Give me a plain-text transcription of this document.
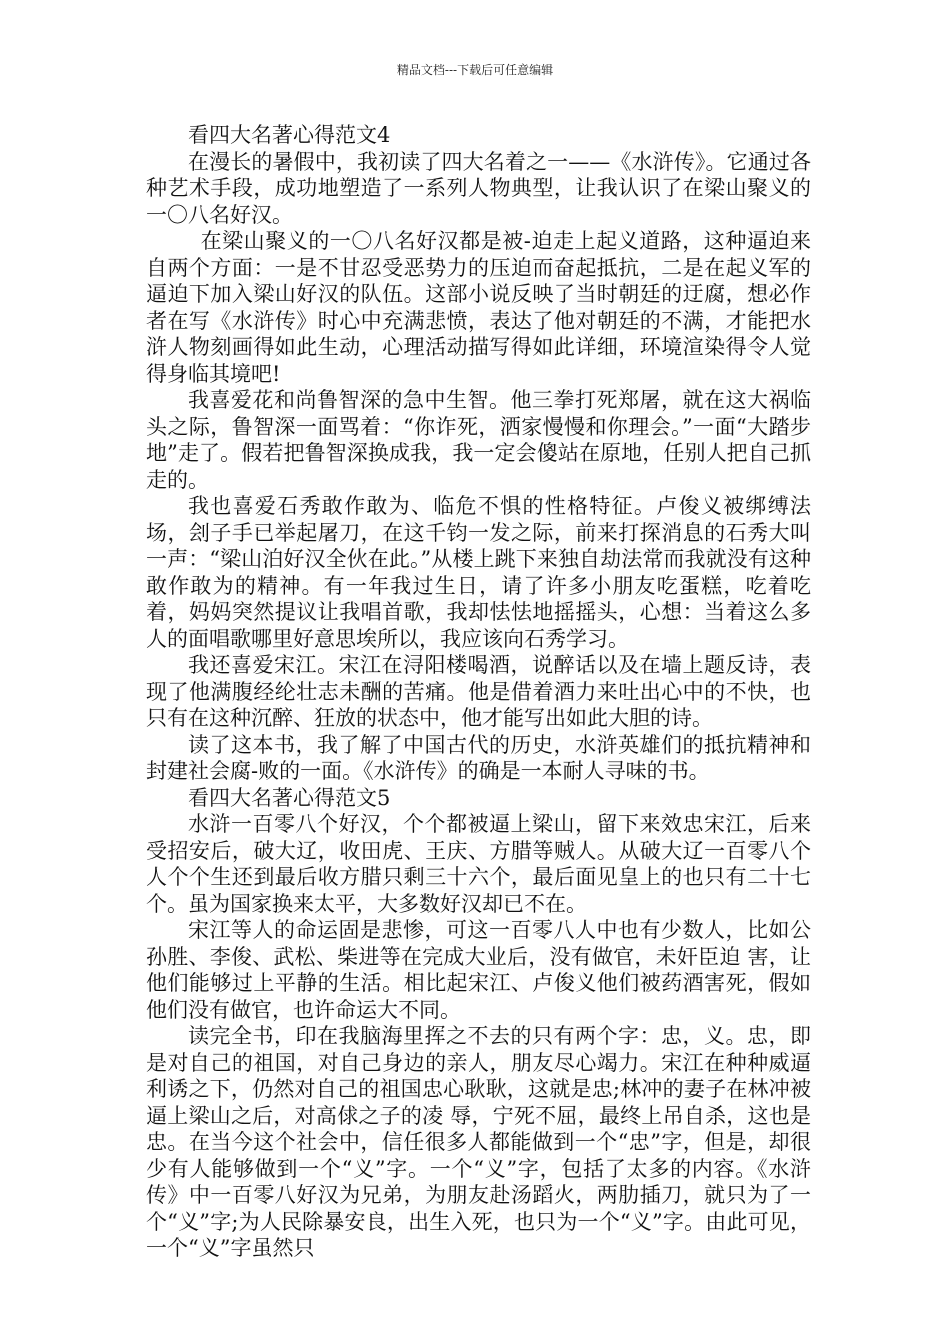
精品文档---下载后可任意编辑

看四大名著心得范文4

在漫长的暑假中，我初读了四大名着之一——《水浒传》。它通过各种艺术手段，成功地塑造了一系列人物典型，让我认识了在梁山聚义的一〇八名好汉。

在梁山聚义的一〇八名好汉都是被-迫走上起义道路，这种逼迫来自两个方面：一是不甘忍受恶势力的压迫而奋起抵抗，二是在起义军的逼迫下加入梁山好汉的队伍。这部小说反映了当时朝廷的迂腐，想必作者在写《水浒传》时心中充满悲愤，表达了他对朝廷的不满，才能把水浒人物刻画得如此生动，心理活动描写得如此详细，环境渲染得令人觉得身临其境吧!

我喜爱花和尚鲁智深的急中生智。他三拳打死郑屠，就在这大祸临头之际，鲁智深一面骂着：“你诈死，洒家慢慢和你理会。”一面“大踏步地”走了。假若把鲁智深换成我，我一定会傻站在原地，任别人把自己抓走的。

我也喜爱石秀敢作敢为、临危不惧的性格特征。卢俊义被绑缚法场，刽子手已举起屠刀，在这千钧一发之际，前来打探消息的石秀大叫一声：“梁山泊好汉全伙在此。”从楼上跳下来独自劫法常而我就没有这种敢作敢为的精神。有一年我过生日，请了许多小朋友吃蛋糕，吃着吃着，妈妈突然提议让我唱首歌，我却怯怯地摇摇头，心想：当着这么多人的面唱歌哪里好意思埃所以，我应该向石秀学习。

我还喜爱宋江。宋江在浔阳楼喝酒，说醉话以及在墙上题反诗，表现了他满腹经纶壮志未酬的苦痛。他是借着酒力来吐出心中的不快，也只有在这种沉醉、狂放的状态中，他才能写出如此大胆的诗。

读了这本书，我了解了中国古代的历史，水浒英雄们的抵抗精神和封建社会腐-败的一面。《水浒传》的确是一本耐人寻味的书。

看四大名著心得范文5

水浒一百零八个好汉，个个都被逼上梁山，留下来效忠宋江，后来受招安后，破大辽，收田虎、王庆、方腊等贼人。从破大辽一百零八个人个个生还到最后收方腊只剩三十六个，最后面见皇上的也只有二十七个。虽为国家换来太平，大多数好汉却已不在。

宋江等人的命运固是悲惨，可这一百零八人中也有少数人，比如公孙胜、李俊、武松、柴进等在完成大业后，没有做官，未奸臣迫 害，让他们能够过上平静的生活。相比起宋江、卢俊义他们被药酒害死，假如他们没有做官，也许命运大不同。

读完全书，印在我脑海里挥之不去的只有两个字：忠，义。忠，即是对自己的祖国，对自己身边的亲人，朋友尽心竭力。宋江在种种威逼利诱之下，仍然对自己的祖国忠心耿耿，这就是忠;林冲的妻子在林冲被逼上梁山之后，对高俅之子的凌 辱，宁死不屈，最终上吊自杀，这也是忠。在当今这个社会中，信任很多人都能做到一个“忠”字，但是，却很少有人能够做到一个“义”字。一个“义”字，包括了太多的内容。《水浒传》中一百零八好汉为兄弟，为朋友赴汤蹈火，两肋插刀，就只为了一个“义”字;为人民除暴安良，出生入死，也只为一个“义”字。由此可见，一个“义”字虽然只
